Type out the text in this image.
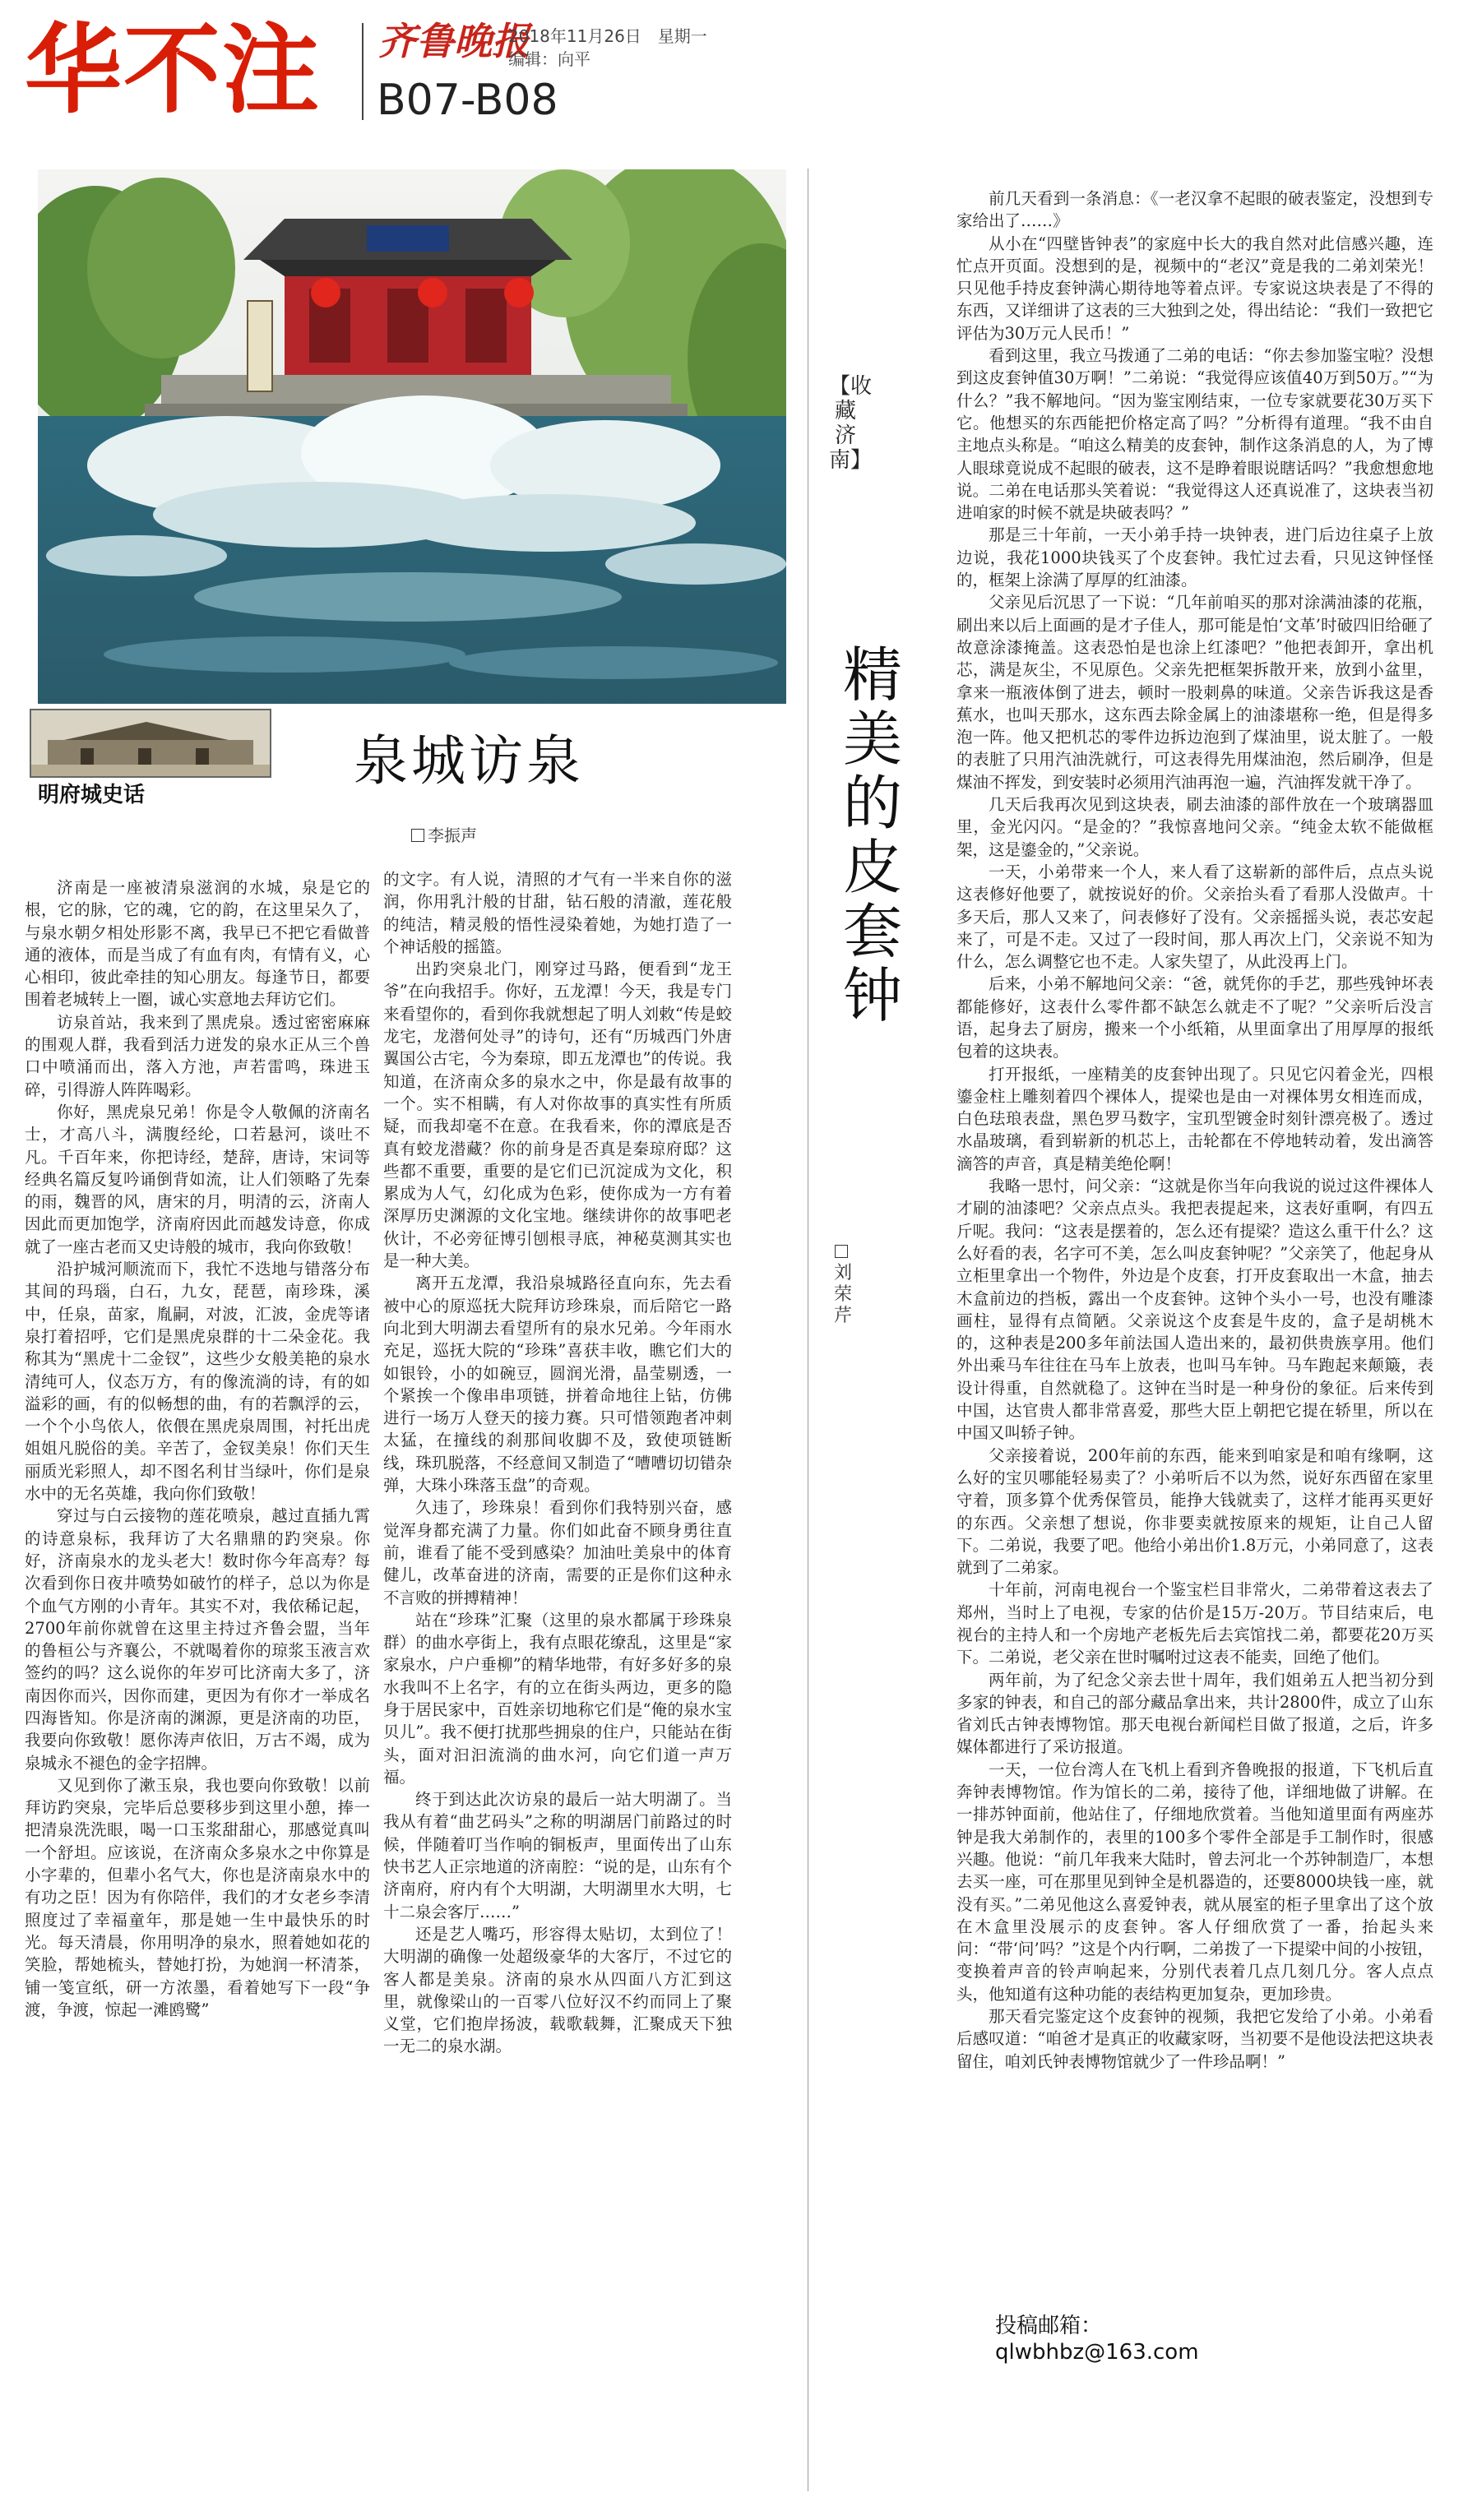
华不注 齐鲁晚报
2018年11月26日　星期一
编辑：向平
B07-B08
明府城史话
泉城访泉
李振声

济南是一座被清泉滋润的水城，泉是它的根，它的脉，它的魂，它的韵，在这里呆久了，与泉水朝夕相处形影不离，我早已不把它看做普通的液体，而是当成了有血有肉，有情有义，心心相印，彼此牵挂的知心朋友。每逢节日，都要围着老城转上一圈，诚心实意地去拜访它们。

访泉首站，我来到了黑虎泉。透过密密麻麻的围观人群，我看到活力迸发的泉水正从三个兽口中喷涌而出，落入方池，声若雷鸣，珠进玉碎，引得游人阵阵喝彩。

你好，黑虎泉兄弟！你是令人敬佩的济南名士，才高八斗，满腹经纶，口若悬河，谈吐不凡。千百年来，你把诗经，楚辞，唐诗，宋词等经典名篇反复吟诵倒背如流，让人们领略了先秦的雨，魏晋的风，唐宋的月，明清的云，济南人因此而更加饱学，济南府因此而越发诗意，你成就了一座古老而又史诗般的城市，我向你致敬！

沿护城河顺流而下，我忙不迭地与错落分布其间的玛瑙，白石，九女，琵琶，南珍珠，溪中，任泉，苗家，胤嗣，对波，汇波，金虎等诸泉打着招呼，它们是黑虎泉群的十二朵金花。我称其为“黑虎十二金钗”，这些少女般美艳的泉水清纯可人，仪态万方，有的像流淌的诗，有的如溢彩的画，有的似畅想的曲，有的若飘浮的云，一个个小鸟依人，依偎在黑虎泉周围，衬托出虎姐姐凡脱俗的美。辛苦了，金钗美泉！你们天生丽质光彩照人，却不图名利甘当绿叶，你们是泉水中的无名英雄，我向你们致敬！

穿过与白云接物的莲花喷泉，越过直插九霄的诗意泉标，我拜访了大名鼎鼎的趵突泉。你好，济南泉水的龙头老大！数时你今年高寿？每次看到你日夜井喷势如破竹的样子，总以为你是个血气方刚的小青年。其实不对，我依稀记起，2700年前你就曾在这里主持过齐鲁会盟，当年的鲁桓公与齐襄公，不就喝着你的琼浆玉液言欢签约的吗？这么说你的年岁可比济南大多了，济南因你而兴，因你而建，更因为有你才一举成名四海皆知。你是济南的渊源，更是济南的功臣，我要向你致敬！愿你涛声依旧，万古不竭，成为泉城永不褪色的金字招牌。

又见到你了漱玉泉，我也要向你致敬！以前拜访趵突泉，完毕后总要移步到这里小憩，捧一把清泉洗洗眼，喝一口玉浆甜甜心，那感觉真叫一个舒坦。应该说，在济南众多泉水之中你算是小字辈的，但辈小名气大，你也是济南泉水中的有功之臣！因为有你陪伴，我们的才女老乡李清照度过了幸福童年，那是她一生中最快乐的时光。每天清晨，你用明净的泉水，照着她如花的笑脸，帮她梳头，替她打扮，为她润一杯清茶，铺一笺宣纸，研一方浓墨，看着她写下一段“争渡，争渡，惊起一滩鸥鹭”

的文字。有人说，清照的才气有一半来自你的滋润，你用乳汁般的甘甜，钻石般的清澈，莲花般的纯洁，精灵般的悟性浸染着她，为她打造了一个神话般的摇篮。

出趵突泉北门，刚穿过马路，便看到“龙王爷”在向我招手。你好，五龙潭！今天，我是专门来看望你的，看到你我就想起了明人刘敕“传是蛟龙宅，龙潜何处寻”的诗句，还有“历城西门外唐翼国公古宅，今为秦琼，即五龙潭也”的传说。我知道，在济南众多的泉水之中，你是最有故事的一个。实不相瞒，有人对你故事的真实性有所质疑，而我却毫不在意。在我看来，你的潭底是否真有蛟龙潜藏？你的前身是否真是秦琼府邸？这些都不重要，重要的是它们已沉淀成为文化，积累成为人气，幻化成为色彩，使你成为一方有着深厚历史渊源的文化宝地。继续讲你的故事吧老伙计，不必旁征博引刨根寻底，神秘莫测其实也是一种大美。

离开五龙潭，我沿泉城路径直向东，先去看被中心的原巡抚大院拜访珍珠泉，而后陪它一路向北到大明湖去看望所有的泉水兄弟。今年雨水充足，巡抚大院的“珍珠”喜获丰收，瞧它们大的如银铃，小的如碗豆，圆润光滑，晶莹剔透，一个紧挨一个像串串项链，拼着命地往上钻，仿佛进行一场万人登天的接力赛。只可惜领跑者冲刺太猛，在撞线的刹那间收脚不及，致使项链断线，珠玑脱落，不经意间又制造了“嘈嘈切切错杂弹，大珠小珠落玉盘”的奇观。

久违了，珍珠泉！看到你们我特别兴奋，感觉浑身都充满了力量。你们如此奋不顾身勇往直前，谁看了能不受到感染？加油吐美泉中的体育健儿，改革奋进的济南，需要的正是你们这种永不言败的拼搏精神！

站在“珍珠”汇聚（这里的泉水都属于珍珠泉群）的曲水亭街上，我有点眼花缭乱，这里是“家家泉水，户户垂柳”的精华地带，有好多好多的泉水我叫不上名字，有的立在街头两边，更多的隐身于居民家中，百姓亲切地称它们是“俺的泉水宝贝儿”。我不便打扰那些拥泉的住户，只能站在街头，面对汩汩流淌的曲水河，向它们道一声万福。

终于到达此次访泉的最后一站大明湖了。当我从有着“曲艺码头”之称的明湖居门前路过的时候，伴随着叮当作响的铜板声，里面传出了山东快书艺人正宗地道的济南腔：“说的是，山东有个济南府，府内有个大明湖，大明湖里水大明，七十二泉会客厅……”

还是艺人嘴巧，形容得太贴切，太到位了！大明湖的确像一处超级豪华的大客厅，不过它的客人都是美泉。济南的泉水从四面八方汇到这里，就像梁山的一百零八位好汉不约而同上了聚义堂，它们抱岸扬波，载歌载舞，汇聚成天下独一无二的泉水湖。

【收藏济南】
精美的皮套钟
刘荣芹

前几天看到一条消息：《一老汉拿不起眼的破表鉴定，没想到专家给出了……》

从小在“四壁皆钟表”的家庭中长大的我自然对此信感兴趣，连忙点开页面。没想到的是，视频中的“老汉”竟是我的二弟刘荣光！只见他手持皮套钟满心期待地等着点评。专家说这块表是了不得的东西，又详细讲了这表的三大独到之处，得出结论：“我们一致把它评估为30万元人民币！”

看到这里，我立马拨通了二弟的电话：“你去参加鉴宝啦？没想到这皮套钟值30万啊！”二弟说：“我觉得应该值40万到50万。”“为什么？”我不解地问。“因为鉴宝刚结束，一位专家就要花30万买下它。他想买的东西能把价格定高了吗？”分析得有道理。“我不由自主地点头称是。“咱这么精美的皮套钟，制作这条消息的人，为了博人眼球竟说成不起眼的破表，这不是睁着眼说瞎话吗？”我愈想愈地说。二弟在电话那头笑着说：“我觉得这人还真说准了，这块表当初进咱家的时候不就是块破表吗？”

那是三十年前，一天小弟手持一块钟表，进门后边往桌子上放边说，我花1000块钱买了个皮套钟。我忙过去看，只见这钟怪怪的，框架上涂满了厚厚的红油漆。

父亲见后沉思了一下说：“几年前咱买的那对涂满油漆的花瓶，刷出来以后上面画的是才子佳人，那可能是怕‘文革’时破四旧给砸了故意涂漆掩盖。这表恐怕是也涂上红漆吧？”他把表卸开，拿出机芯，满是灰尘，不见原色。父亲先把框架拆散开来，放到小盆里，拿来一瓶液体倒了进去，顿时一股刺鼻的味道。父亲告诉我这是香蕉水，也叫天那水，这东西去除金属上的油漆堪称一绝，但是得多泡一阵。他又把机芯的零件边拆边泡到了煤油里，说太脏了。一般的表脏了只用汽油洗就行，可这表得先用煤油泡，然后刷净，但是煤油不挥发，到安装时必须用汽油再泡一遍，汽油挥发就干净了。

几天后我再次见到这块表，刷去油漆的部件放在一个玻璃器皿里，金光闪闪。“是金的？”我惊喜地问父亲。“纯金太软不能做框架，这是鎏金的，”父亲说。

一天，小弟带来一个人，来人看了这崭新的部件后，点点头说这表修好他要了，就按说好的价。父亲抬头看了看那人没做声。十多天后，那人又来了，问表修好了没有。父亲摇摇头说，表芯安起来了，可是不走。又过了一段时间，那人再次上门，父亲说不知为什么，怎么调整它也不走。人家失望了，从此没再上门。

后来，小弟不解地问父亲：“爸，就凭你的手艺，那些残钟坏表都能修好，这表什么零件都不缺怎么就走不了呢？”父亲听后没言语，起身去了厨房，搬来一个小纸箱，从里面拿出了用厚厚的报纸包着的这块表。

打开报纸，一座精美的皮套钟出现了。只见它闪着金光，四根鎏金柱上雕刻着四个裸体人，提梁也是由一对裸体男女相连而成，白色珐琅表盘，黑色罗马数字，宝玑型镀金时刻针漂亮极了。透过水晶玻璃，看到崭新的机芯上，击轮都在不停地转动着，发出滴答滴答的声音，真是精美绝伦啊！

我略一思忖，问父亲：“这就是你当年向我说的说过这件裸体人才刷的油漆吧？父亲点点头。我把表提起来，这表好重啊，有四五斤呢。我问：“这表是摆着的，怎么还有提梁？造这么重干什么？这么好看的表，名字可不美，怎么叫皮套钟呢？”父亲笑了，他起身从立柜里拿出一个物件，外边是个皮套，打开皮套取出一木盒，抽去木盒前边的挡板，露出一个皮套钟。这钟个头小一号，也没有雕漆画柱，显得有点简陋。父亲说这个皮套是牛皮的，盒子是胡桃木的，这种表是200多年前法国人造出来的，最初供贵族享用。他们外出乘马车往往在马车上放表，也叫马车钟。马车跑起来颠簸，表设计得重，自然就稳了。这钟在当时是一种身份的象征。后来传到中国，达官贵人都非常喜爱，那些大臣上朝把它提在轿里，所以在中国又叫轿子钟。

父亲接着说，200年前的东西，能来到咱家是和咱有缘啊，这么好的宝贝哪能轻易卖了？小弟听后不以为然，说好东西留在家里守着，顶多算个优秀保管员，能挣大钱就卖了，这样才能再买更好的东西。父亲想了想说，你非要卖就按原来的规矩，让自己人留下。二弟说，我要了吧。他给小弟出价1.8万元，小弟同意了，这表就到了二弟家。

十年前，河南电视台一个鉴宝栏目非常火，二弟带着这表去了郑州，当时上了电视，专家的估价是15万-20万。节目结束后，电视台的主持人和一个房地产老板先后去宾馆找二弟，都要花20万买下。二弟说，老父亲在世时嘱咐过这表不能卖，回绝了他们。

两年前，为了纪念父亲去世十周年，我们姐弟五人把当初分到多家的钟表，和自己的部分藏品拿出来，共计2800件，成立了山东省刘氏古钟表博物馆。那天电视台新闻栏目做了报道，之后，许多媒体都进行了采访报道。

一天，一位台湾人在飞机上看到齐鲁晚报的报道，下飞机后直奔钟表博物馆。作为馆长的二弟，接待了他，详细地做了讲解。在一排苏钟面前，他站住了，仔细地欣赏着。当他知道里面有两座苏钟是我大弟制作的，表里的100多个零件全部是手工制作时，很感兴趣。他说：“前几年我来大陆时，曾去河北一个苏钟制造厂，本想去买一座，可在那里见到钟全是机器造的，还要8000块钱一座，就没有买。”二弟见他这么喜爱钟表，就从展室的柜子里拿出了这个放在木盒里没展示的皮套钟。客人仔细欣赏了一番，抬起头来问：“带‘问’吗？”这是个内行啊，二弟拨了一下提梁中间的小按钮，变换着声音的铃声响起来，分别代表着几点几刻几分。客人点点头，他知道有这种功能的表结构更加复杂，更加珍贵。

那天看完鉴定这个皮套钟的视频，我把它发给了小弟。小弟看后感叹道：“咱爸才是真正的收藏家呀，当初要不是他设法把这块表留住，咱刘氏钟表博物馆就少了一件珍品啊！”

投稿邮箱：
qlwbhbz@163.com
